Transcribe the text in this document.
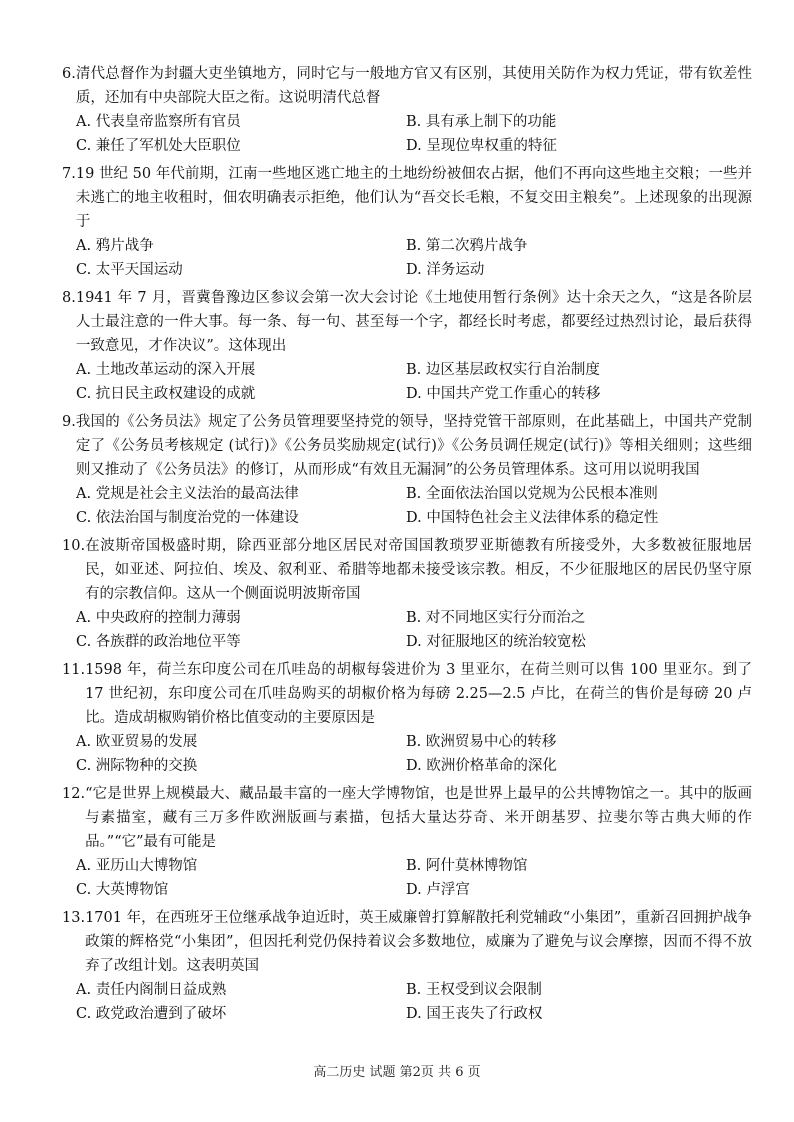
6. 清代总督作为封疆大吏坐镇地方，同时它与一般地方官又有区别，其使用关防作为权力凭证，带有钦差性质，还加有中央部院大臣之衔。这说明清代总督
A. 代表皇帝监察所有官员	B. 具有承上制下的功能
C. 兼任了军机处大臣职位	D. 呈现位卑权重的特征
7. 19 世纪 50 年代前期，江南一些地区逃亡地主的土地纷纷被佃农占据，他们不再向这些地主交粮；一些并未逃亡的地主收租时，佃农明确表示拒绝，他们认为“吾交长毛粮，不复交田主粮矣”。上述现象的出现源于
A. 鸦片战争	B. 第二次鸦片战争
C. 太平天国运动	D. 洋务运动
8. 1941 年 7 月，晋冀鲁豫边区参议会第一次大会讨论《土地使用暂行条例》达十余天之久，“这是各阶层人士最注意的一件大事。每一条、每一句、甚至每一个字，都经长时考虑，都要经过热烈讨论，最后获得一致意见，才作决议”。这体现出
A. 土地改革运动的深入开展	B. 边区基层政权实行自治制度
C. 抗日民主政权建设的成就	D. 中国共产党工作重心的转移
9. 我国的《公务员法》规定了公务员管理要坚持党的领导，坚持党管干部原则，在此基础上，中国共产党制定了《公务员考核规定 (试行)》《公务员奖励规定(试行)》《公务员调任规定(试行)》等相关细则；这些细则又推动了《公务员法》的修订，从而形成“有效且无漏洞”的公务员管理体系。这可用以说明我国
A. 党规是社会主义法治的最高法律	B. 全面依法治国以党规为公民根本准则
C. 依法治国与制度治党的一体建设	D. 中国特色社会主义法律体系的稳定性
10. 在波斯帝国极盛时期，除西亚部分地区居民对帝国国教琐罗亚斯德教有所接受外，大多数被征服地居民，如亚述、阿拉伯、埃及、叙利亚、希腊等地都未接受该宗教。相反，不少征服地区的居民仍坚守原有的宗教信仰。这从一个侧面说明波斯帝国
A. 中央政府的控制力薄弱	B. 对不同地区实行分而治之
C. 各族群的政治地位平等	D. 对征服地区的统治较宽松
11. 1598 年，荷兰东印度公司在爪哇岛的胡椒每袋进价为 3 里亚尔，在荷兰则可以售 100 里亚尔。到了 17 世纪初，东印度公司在爪哇岛购买的胡椒价格为每磅 2.25—2.5 卢比，在荷兰的售价是每磅 20 卢比。造成胡椒购销价格比值变动的主要原因是
A. 欧亚贸易的发展	B. 欧洲贸易中心的转移
C. 洲际物种的交换	D. 欧洲价格革命的深化
12. “它是世界上规模最大、藏品最丰富的一座大学博物馆，也是世界上最早的公共博物馆之一。其中的版画与素描室，藏有三万多件欧洲版画与素描，包括大量达芬奇、米开朗基罗、拉斐尔等古典大师的作品。”“它”最有可能是
A. 亚历山大博物馆	B. 阿什莫林博物馆
C. 大英博物馆	D. 卢浮宫
13. 1701 年，在西班牙王位继承战争迫近时，英王威廉曾打算解散托利党辅政“小集团”，重新召回拥护战争政策的辉格党“小集团”，但因托利党仍保持着议会多数地位，威廉为了避免与议会摩擦，因而不得不放弃了改组计划。这表明英国
A. 责任内阁制日益成熟	B. 王权受到议会限制
C. 政党政治遭到了破坏	D. 国王丧失了行政权
高二历史 试题 第2页 共 6 页
